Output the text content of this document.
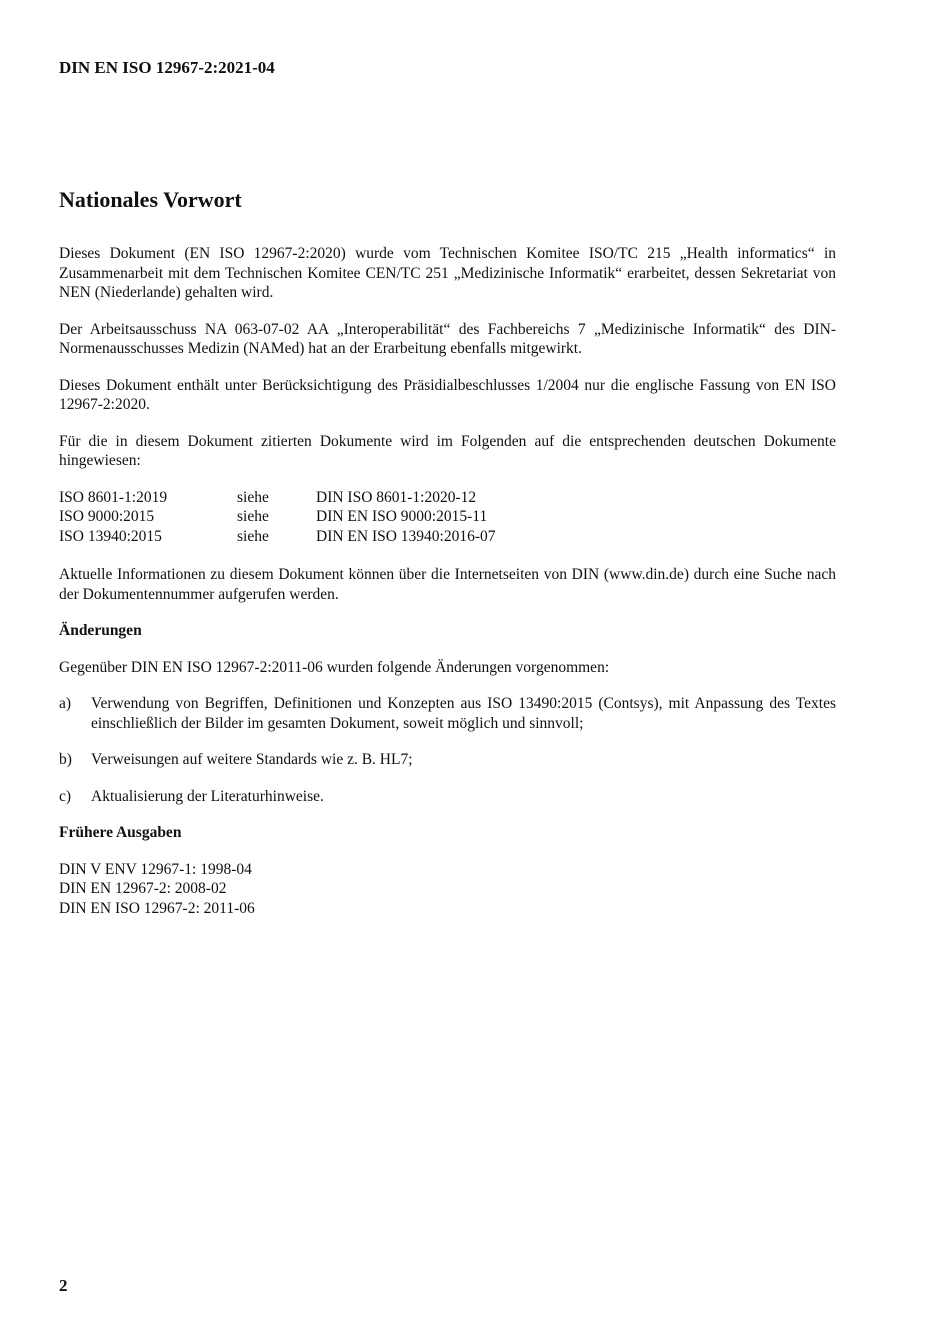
DIN EN ISO 12967-2:2021-04
Nationales Vorwort

Dieses Dokument (EN ISO 12967-2:2020) wurde vom Technischen Komitee ISO/TC 215 „Health informatics“ in Zusammenarbeit mit dem Technischen Komitee CEN/TC 251 „Medizinische Informatik“ erarbeitet, dessen Sekretariat von NEN (Niederlande) gehalten wird.

Der Arbeitsausschuss NA 063-07-02 AA „Interoperabilität“ des Fachbereichs 7 „Medizinische Informatik“ des DIN-Normenausschusses Medizin (NAMed) hat an der Erarbeitung ebenfalls mitgewirkt.

Dieses Dokument enthält unter Berücksichtigung des Präsidialbeschlusses 1/2004 nur die englische Fassung von EN ISO 12967-2:2020.

Für die in diesem Dokument zitierten Dokumente wird im Folgenden auf die entsprechenden deutschen Dokumente hingewiesen:

ISO 8601-1:2019	siehe	DIN ISO 8601-1:2020-12
ISO 9000:2015	siehe	DIN EN ISO 9000:2015-11
ISO 13940:2015	siehe	DIN EN ISO 13940:2016-07

Aktuelle Informationen zu diesem Dokument können über die Internetseiten von DIN (www.din.de) durch eine Suche nach der Dokumentennummer aufgerufen werden.

Änderungen

Gegenüber DIN EN ISO 12967-2:2011-06 wurden folgende Änderungen vorgenommen:

a) Verwendung von Begriffen, Definitionen und Konzepten aus ISO 13490:2015 (Contsys), mit Anpassung des Textes einschließlich der Bilder im gesamten Dokument, soweit möglich und sinnvoll;
b) Verweisungen auf weitere Standards wie z. B. HL7;
c) Aktualisierung der Literaturhinweise.
Frühere Ausgaben
DIN V ENV 12967-1: 1998-04
DIN EN 12967-2: 2008-02
DIN EN ISO 12967-2: 2011-06
2
